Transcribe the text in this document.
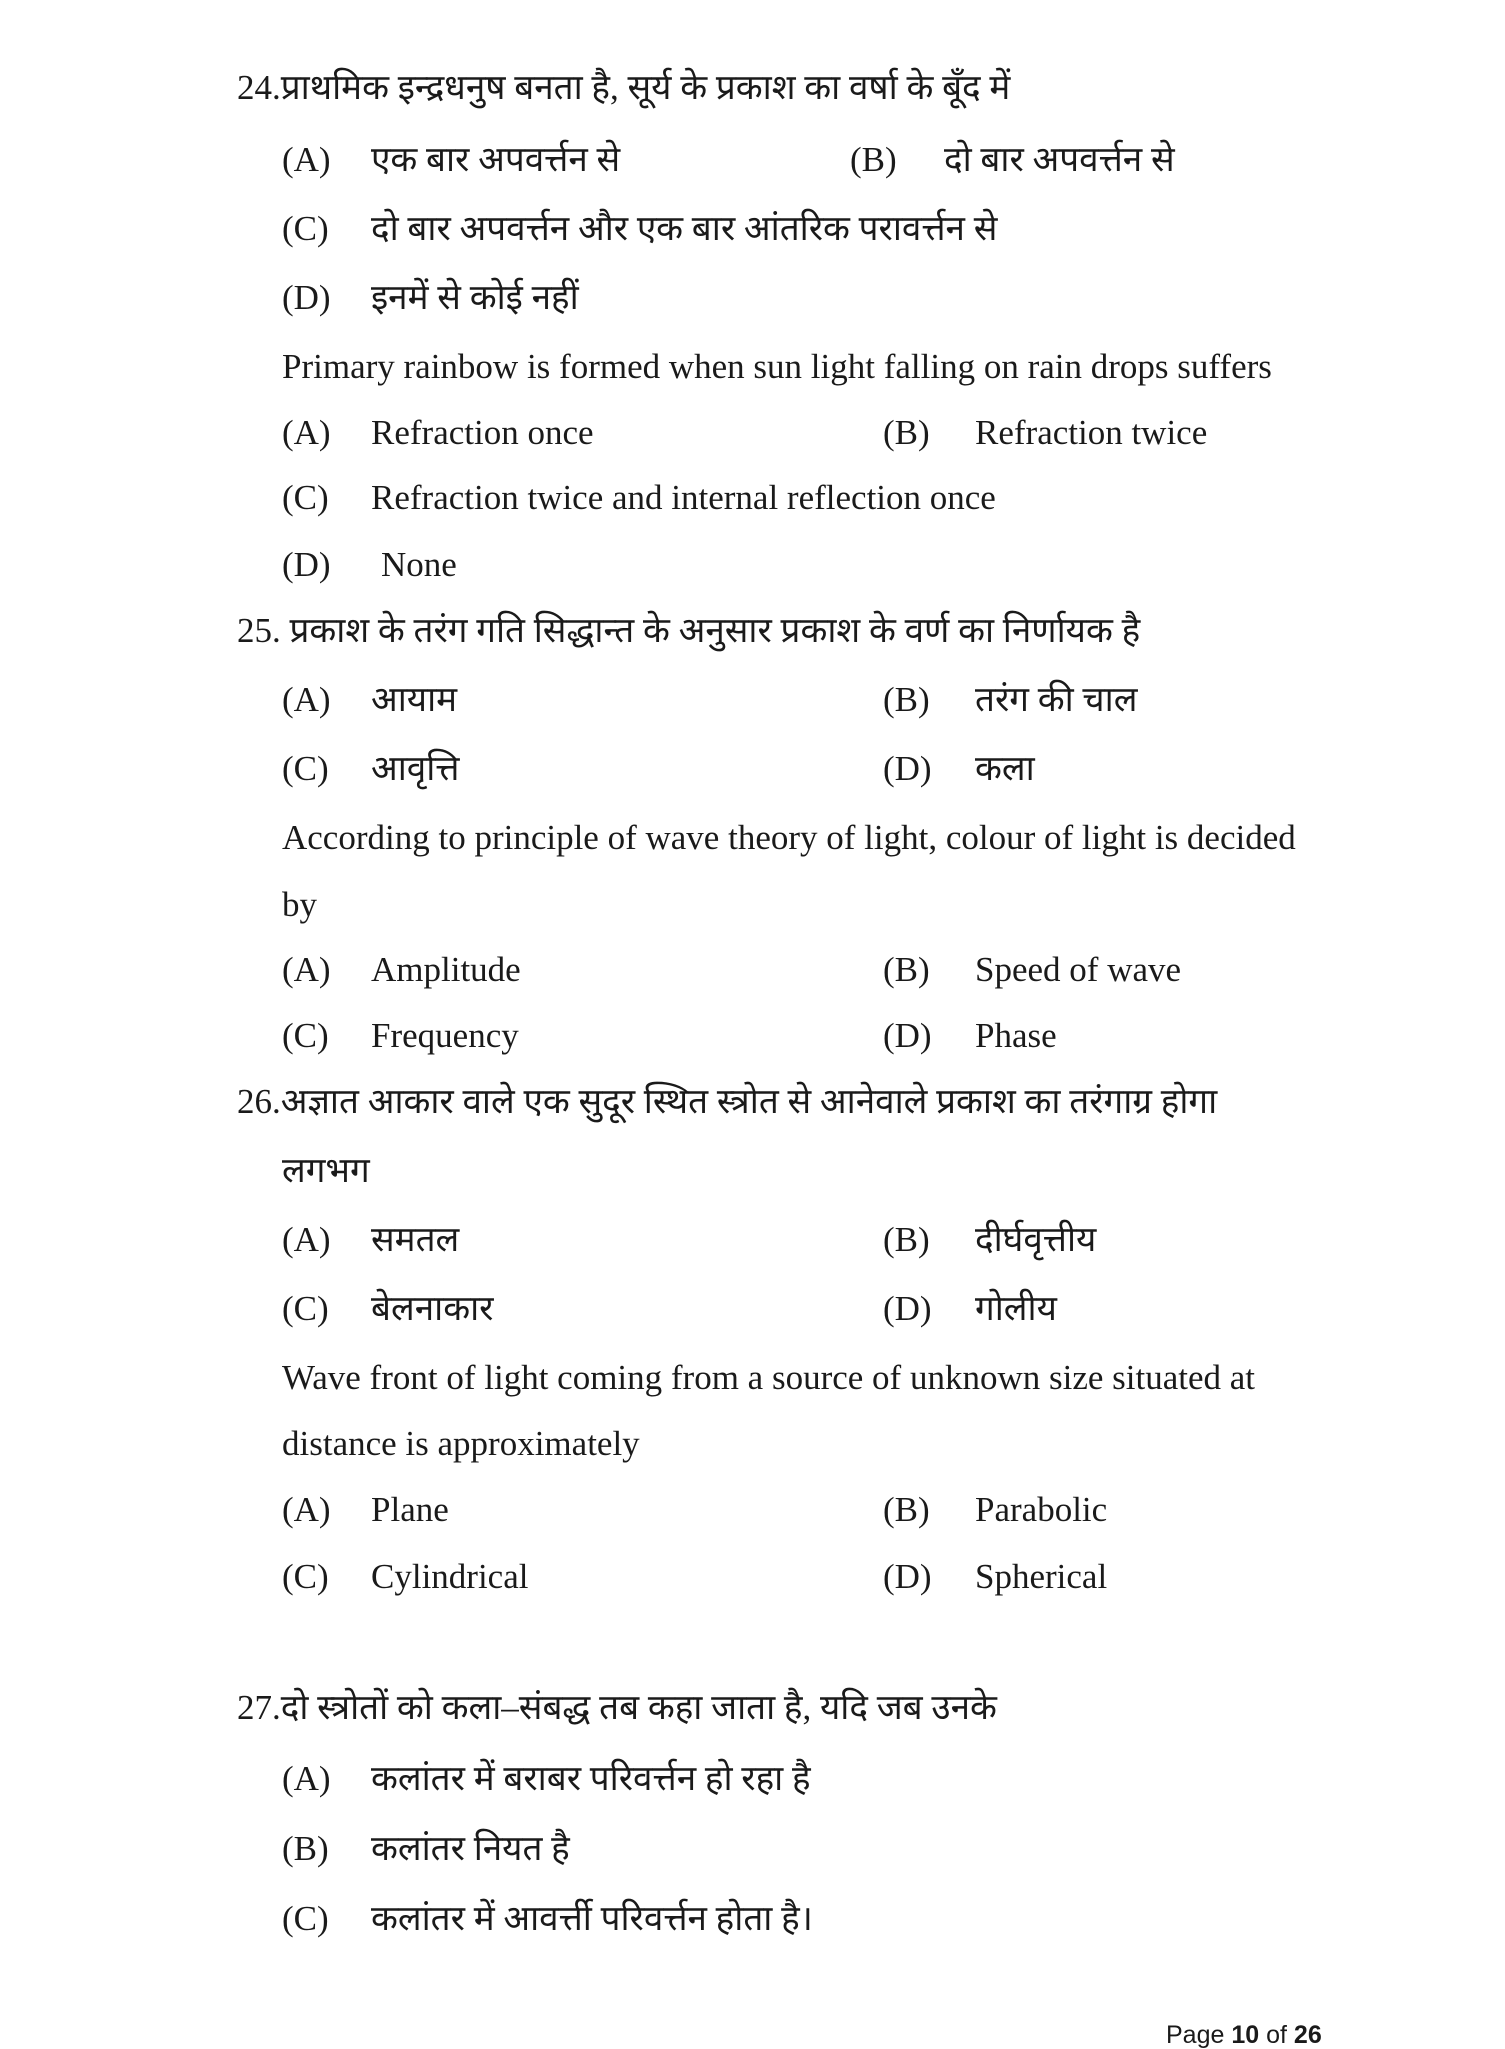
24.प्राथमिक इन्द्रधनुष बनता है, सूर्य के प्रकाश का वर्षा के बूँद में
(A) एक बार अपवर्त्तन से	(B) दो बार अपवर्त्तन से
(C) दो बार अपवर्त्तन और एक बार आंतरिक परावर्त्तन से
(D) इनमें से कोई नहीं
Primary rainbow is formed when sun light falling on rain drops suffers
(A) Refraction once	(B) Refraction twice
(C) Refraction twice and internal reflection once
(D) None
25. प्रकाश के तरंग गति सिद्धान्त के अनुसार प्रकाश के वर्ण का निर्णायक है
(A) आयाम	(B) तरंग की चाल
(C) आवृत्ति	(D) कला
According to principle of wave theory of light, colour of light is decided
by
(A) Amplitude	(B) Speed of wave
(C) Frequency	(D) Phase
26.अज्ञात आकार वाले एक सुदूर स्थित स्त्रोत से आनेवाले प्रकाश का तरंगाग्र होगा
लगभग
(A) समतल	(B) दीर्घवृत्तीय
(C) बेलनाकार	(D) गोलीय
Wave front of light coming from a source of unknown size situated at
distance is approximately
(A) Plane	(B) Parabolic
(C) Cylindrical	(D) Spherical
27.दो स्त्रोतों को कला–संबद्ध तब कहा जाता है, यदि जब उनके
(A) कलांतर में बराबर परिवर्त्तन हो रहा है
(B) कलांतर नियत है
(C) कलांतर में आवर्त्ती परिवर्त्तन होता है।
Page 10 of 26
